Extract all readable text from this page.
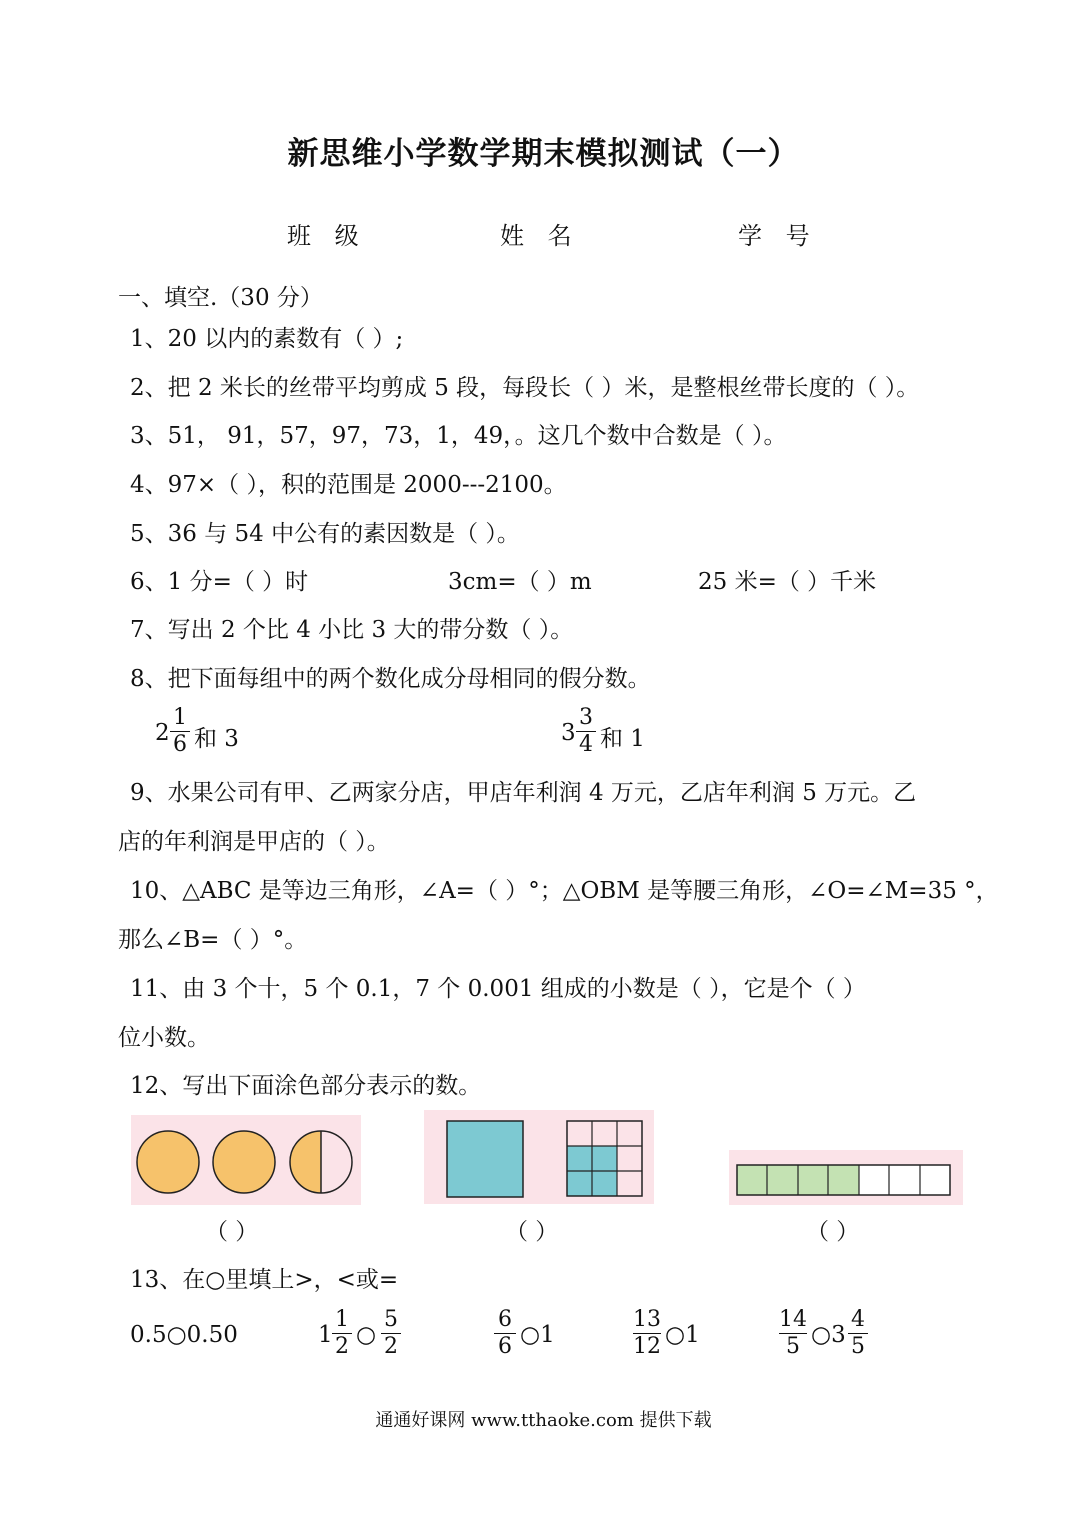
新思维小学数学期末模拟测试（一）
班 级	姓 名	学 号
一、填空.（30 分）
1、20 以内的素数有（ ）;
2、把 2 米长的丝带平均剪成 5 段，每段长（ ）米，是整根丝带长度的（ ）。
3、51， 91，57，97，73，1，49，。这几个数中合数是（ ）。
4、97×（ ），积的范围是 2000---2100。
5、36 与 54 中公有的素因数是（ ）。
6、1 分=（ ）时	3cm=（ ）m	25 米=（ ）千米
7、写出 2 个比 4 小比 3 大的带分数（ ）。
8、把下面每组中的两个数化成分母相同的假分数。
2
1
6 和 3	3
3
4 和 1
9、水果公司有甲、乙两家分店，甲店年利润 4 万元，乙店年利润 5 万元。乙
店的年利润是甲店的（ ）。
10、△ABC 是等边三角形，∠A=（ ）°；△OBM 是等腰三角形，∠O=∠M=35 °，
那么∠B=（ ）°。
11、由 3 个十，5 个 0.1，7 个 0.001 组成的小数是（ ），它是个（ ）
位小数。
12、写出下面涂色部分表示的数。
（ ）	（ ）	（ ）
13、在○里填上>，<或=
0.5○0.50	1
1
2 ○
5
2
6
6 ○1
13
12 ○1
14
5 ○3
4
5
通通好课网 www.tthaoke.com 提供下载
